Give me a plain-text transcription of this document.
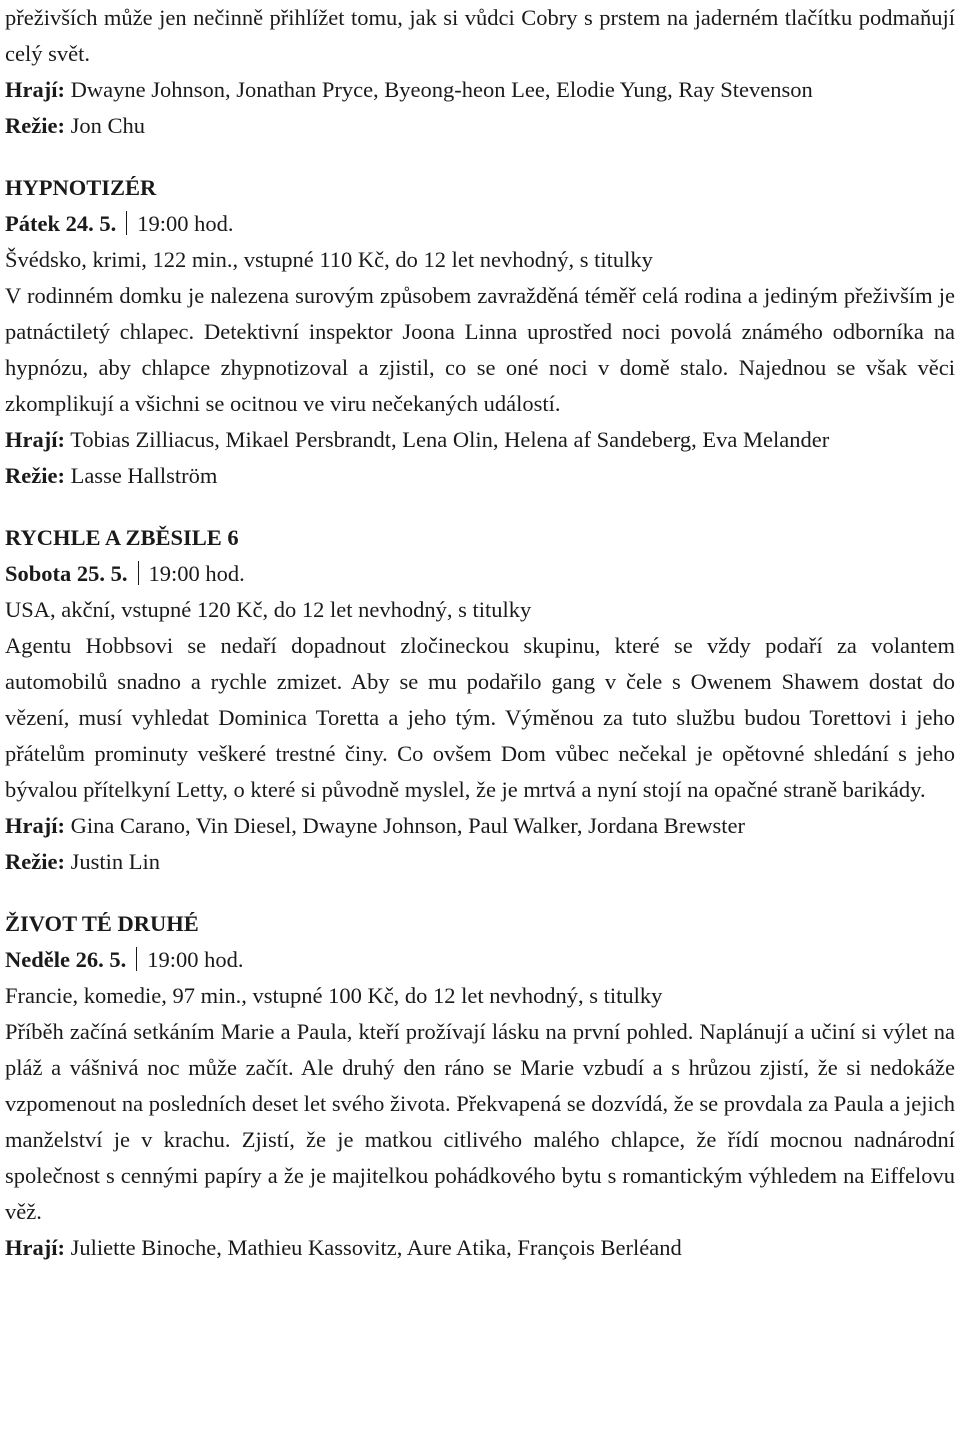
přeživších může jen nečinně přihlížet tomu, jak si vůdci Cobry s prstem na jaderném tlačítku podmaňují celý svět.

Hrají: Dwayne Johnson, Jonathan Pryce, Byeong-heon Lee, Elodie Yung, Ray Stevenson

Režie: Jon Chu

HYPNOTIZÉR

Pátek 24. 5. 19:00 hod.

Švédsko, krimi, 122 min., vstupné 110 Kč, do 12 let nevhodný, s titulky

V rodinném domku je nalezena surovým způsobem zavražděná téměř celá rodina a jediným přeživším je patnáctiletý chlapec. Detektivní inspektor Joona Linna uprostřed noci povolá známého odborníka na hypnózu, aby chlapce zhypnotizoval a zjistil, co se oné noci v domě stalo. Najednou se však věci zkomplikují a všichni se ocitnou ve viru nečekaných událostí.

Hrají: Tobias Zilliacus, Mikael Persbrandt, Lena Olin, Helena af Sandeberg, Eva Melander

Režie: Lasse Hallström

RYCHLE A ZBĚSILE 6

Sobota 25. 5. 19:00 hod.

USA, akční, vstupné 120 Kč, do 12 let nevhodný, s titulky

Agentu Hobbsovi se nedaří dopadnout zločineckou skupinu, které se vždy podaří za volantem automobilů snadno a rychle zmizet. Aby se mu podařilo gang v čele s Owenem Shawem dostat do vězení, musí vyhledat Dominica Toretta a jeho tým. Výměnou za tuto službu budou Torettovi i jeho přátelům prominuty veškeré trestné činy. Co ovšem Dom vůbec nečekal je opětovné shledání s jeho bývalou přítelkyní Letty, o které si původně myslel, že je mrtvá a nyní stojí na opačné straně barikády.

Hrají: Gina Carano, Vin Diesel, Dwayne Johnson, Paul Walker, Jordana Brewster

Režie: Justin Lin

ŽIVOT TÉ DRUHÉ

Neděle 26. 5. 19:00 hod.

Francie, komedie, 97 min., vstupné 100 Kč, do 12 let nevhodný, s titulky

Příběh začíná setkáním Marie a Paula, kteří prožívají lásku na první pohled. Naplánují a učiní si výlet na pláž a vášnivá noc může začít. Ale druhý den ráno se Marie vzbudí a s hrůzou zjistí, že si nedokáže vzpomenout na posledních deset let svého života. Překvapená se dozvídá, že se provdala za Paula a jejich manželství je v krachu. Zjistí, že je matkou citlivého malého chlapce, že řídí mocnou nadnárodní společnost s cennými papíry a že je majitelkou pohádkového bytu s romantickým výhledem na Eiffelovu věž.

Hrají: Juliette Binoche, Mathieu Kassovitz, Aure Atika, François Berléand
